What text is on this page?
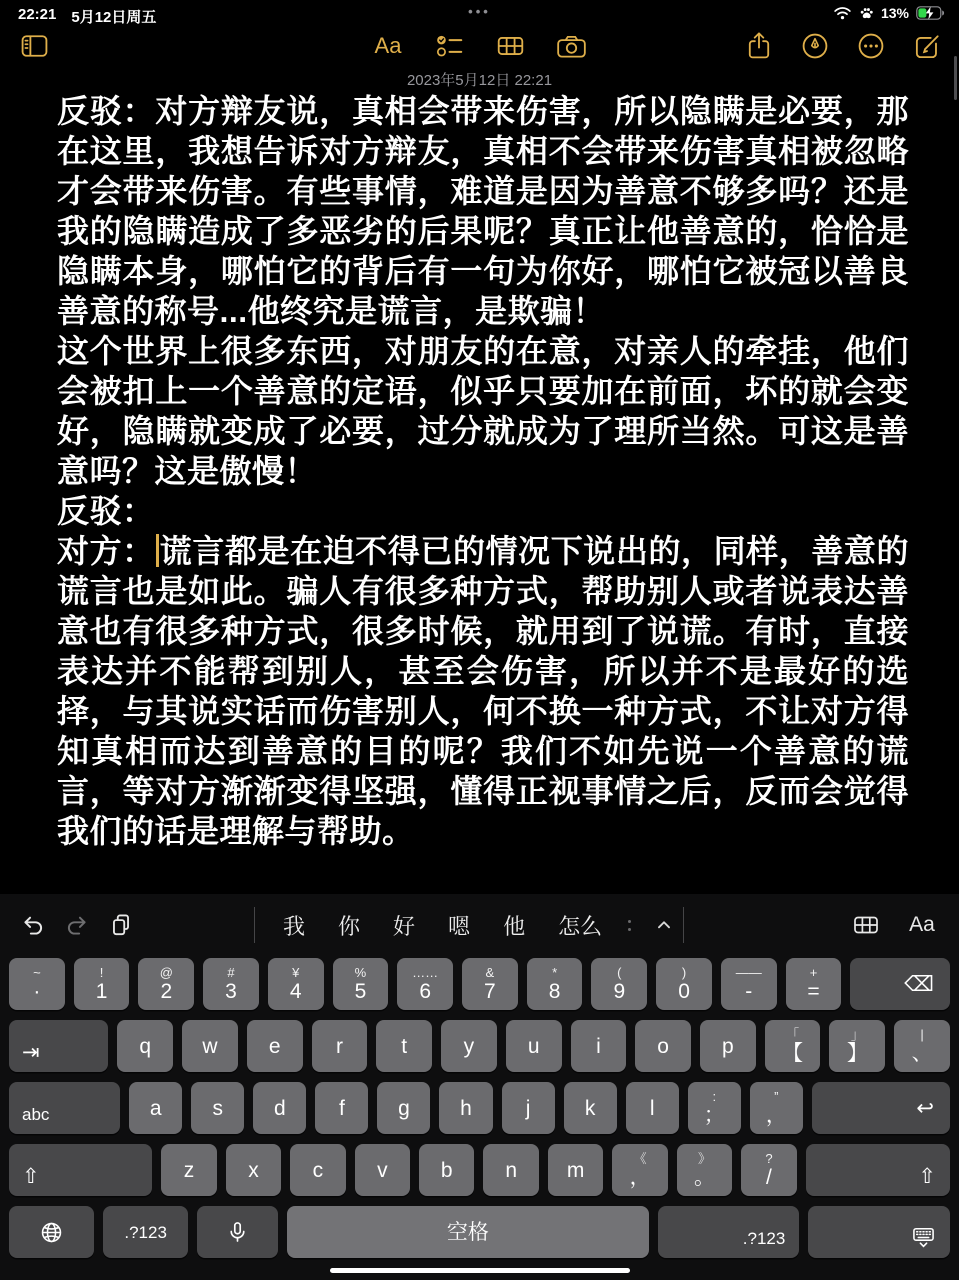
22:21 5月12日周五	•••	13%
Aa
2023年5月12日 22:21

反驳：对方辩友说，真相会带来伤害，所以隐瞒是必要，那在这里，我想告诉对方辩友，真相不会带来伤害真相被忽略才会带来伤害。有些事情，难道是因为善意不够多吗？还是我的隐瞒造成了多恶劣的后果呢？真正让他善意的，恰恰是隐瞒本身，哪怕它的背后有一句为你好，哪怕它被冠以善良善意的称号...他终究是谎言，是欺骗！

这个世界上很多东西，对朋友的在意，对亲人的牵挂，他们会被扣上一个善意的定语，似乎只要加在前面，坏的就会变好，隐瞒就变成了必要，过分就成为了理所当然。可这是善意吗？这是傲慢！

反驳：

对方： 谎言都是在迫不得已的情况下说出的，同样，善意的谎言也是如此。骗人有很多种方式，帮助别人或者说表达善意也有很多种方式，很多时候，就用到了说谎。有时，直接表达并不能帮到别人，甚至会伤害，所以并不是最好的选择，与其说实话而伤害别人，何不换一种方式，不让对方得知真相而达到善意的目的呢？我们不如先说一个善意的谎言，等对方渐渐变得坚强，懂得正视事情之后，反而会觉得我们的话是理解与帮助。

我 你 好 嗯 他 怎么	Aa
~
·
!
1
@
2
#
3
¥
4
%
5
……
6
&
7
*
8
(
9
)
0
——
-
+
=	⌫
⇥	q w e	r	t	y	u	i	o	p	「
【
」
】
|
、
abc	a s d	f	g h	j	k	l	:
；
”
，	↩
⇧	z	x	c	v	b	n m	《
，
》
。
?
/	⇧
.?123	空格	.?123
